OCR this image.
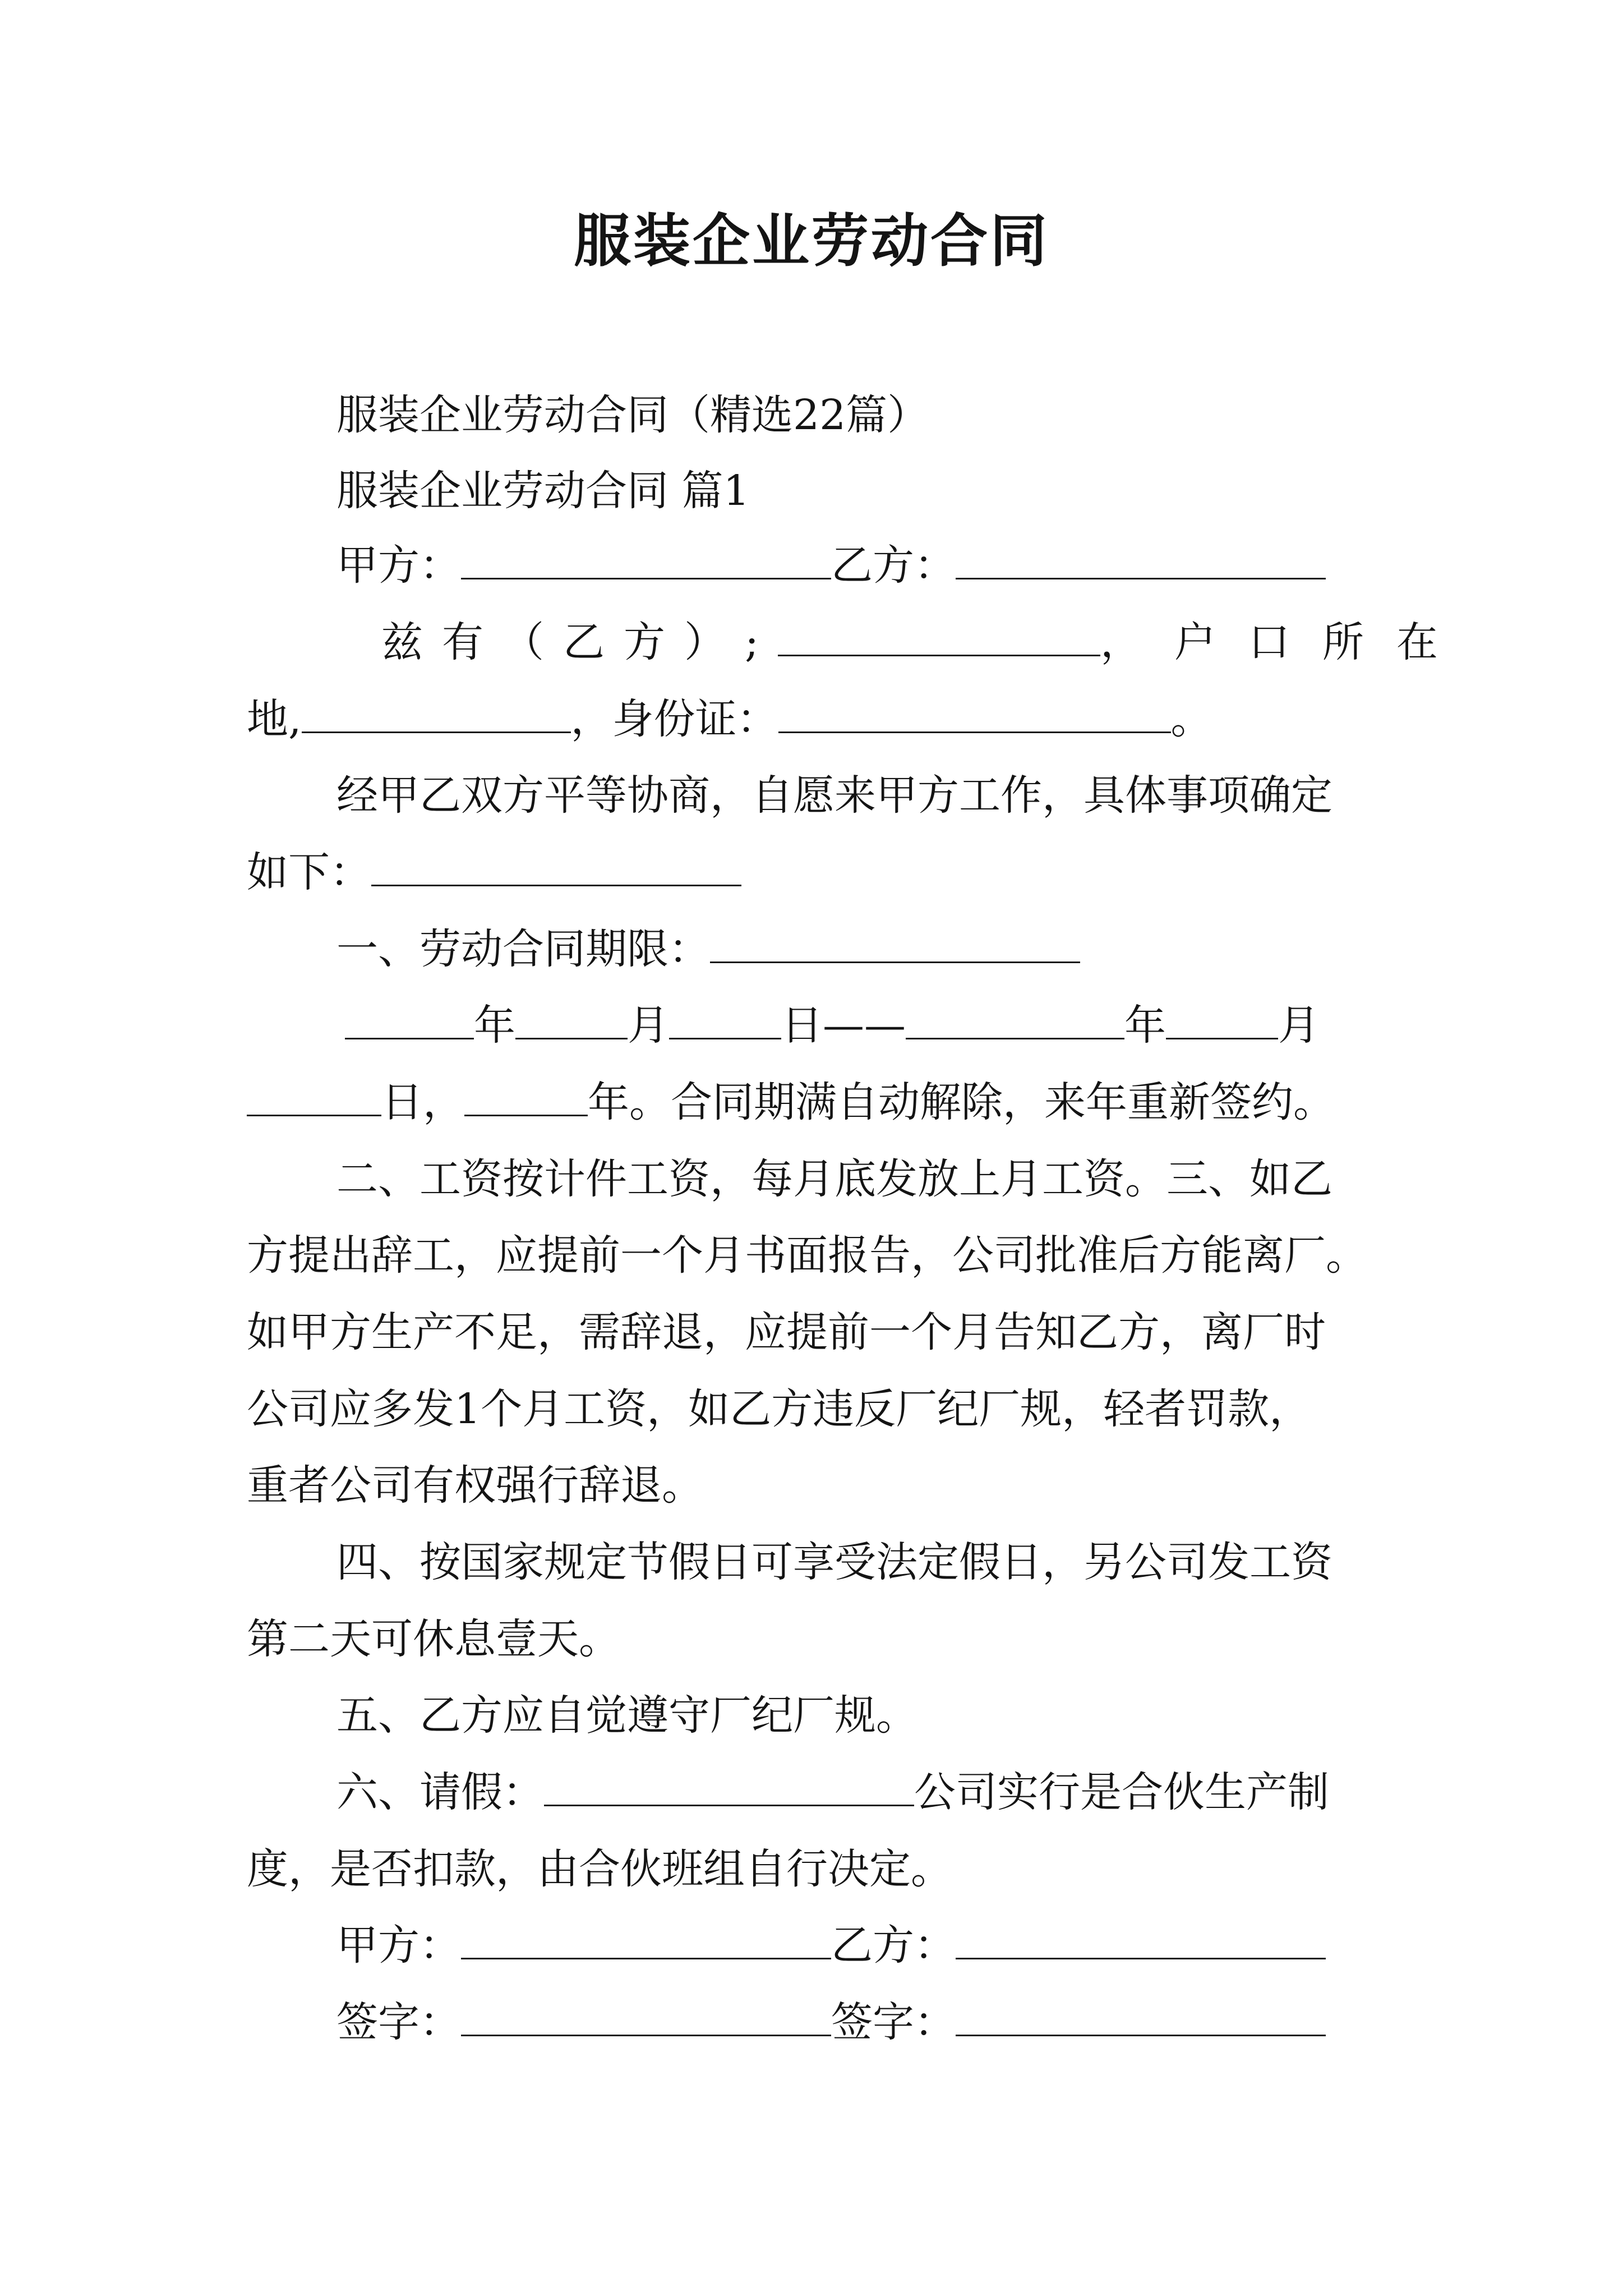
服装企业劳动合同
服装企业劳动合同（精选22篇）
服装企业劳动合同 篇1
甲方：	乙方：
兹有（乙方）;	，户口所在
地,	，身份证：	。
经甲乙双方平等协商，自愿来甲方工作，具体事项确定
如下：
一、劳动合同期限：
年	月	日——	年	月
日，	年。合同期满自动解除，来年重新签约。
二、工资按计件工资，每月底发放上月工资。三、如乙
方提出辞工，应提前一个月书面报告，公司批准后方能离厂。
如甲方生产不足，需辞退，应提前一个月告知乙方，离厂时
公司应多发1个月工资，如乙方违反厂纪厂规，轻者罚款，
重者公司有权强行辞退。
四、按国家规定节假日可享受法定假日，另公司发工资
第二天可休息壹天。
五、乙方应自觉遵守厂纪厂规。
六、请假：	公司实行是合伙生产制
度，是否扣款，由合伙班组自行决定。
甲方：	乙方：
签字：	签字：
